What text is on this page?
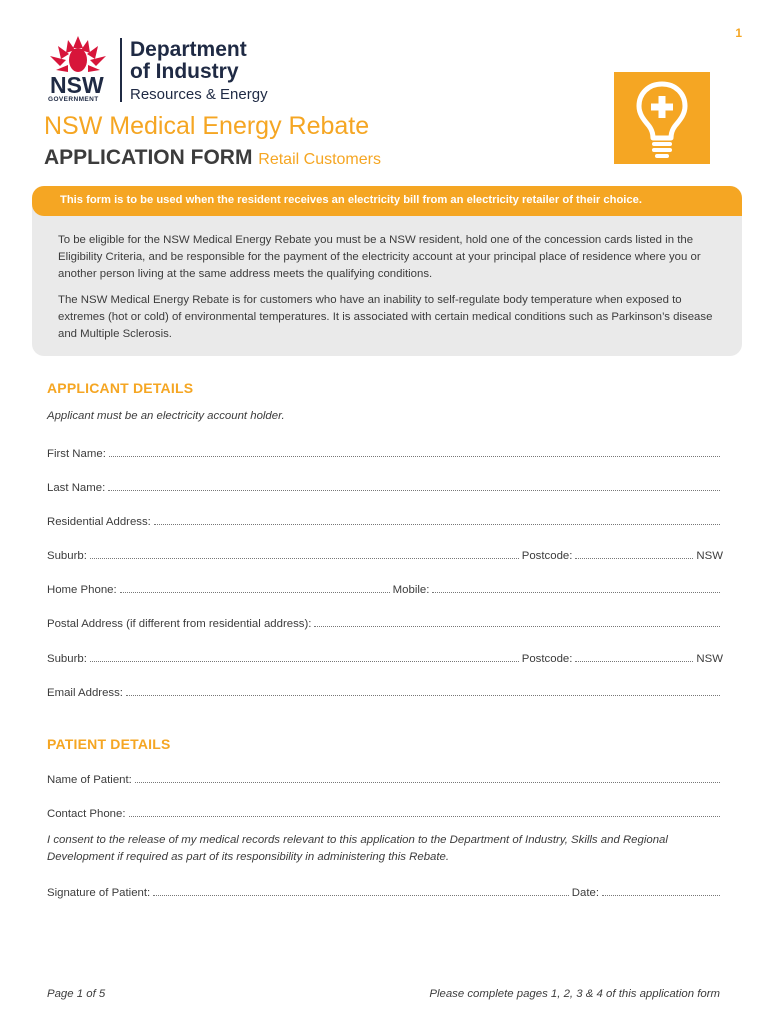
1
NSW
GOVERNMENT
Department
of Industry
Resources & Energy
NSW Medical Energy Rebate
APPLICATION FORM Retail Customers
This form is to be used when the resident receives an electricity bill from an electricity retailer of their choice.
To be eligible for the NSW Medical Energy Rebate you must be a NSW resident, hold one of the concession cards listed in the Eligibility Criteria, and be responsible for the payment of the electricity account at your principal place of residence where you or another person living at the same address meets the qualifying conditions.
The NSW Medical Energy Rebate is for customers who have an inability to self-regulate body temperature when exposed to extremes (hot or cold) of environmental temperatures. It is associated with certain medical conditions such as Parkinson’s disease and Multiple Sclerosis.
APPLICANT DETAILS
Applicant must be an electricity account holder.
First Name:
Last Name:
Residential Address:
Suburb:	Postcode:	NSW
Home Phone:	Mobile:
Postal Address (if different from residential address):
Suburb:	Postcode:	NSW
Email Address:
PATIENT DETAILS
Name of Patient:
Contact Phone:
I consent to the release of my medical records relevant to this application to the Department of Industry, Skills and Regional Development if required as part of its responsibility in administering this Rebate.
Signature of Patient:	Date:
Page 1 of 5	Please complete pages 1, 2, 3 & 4 of this application form
